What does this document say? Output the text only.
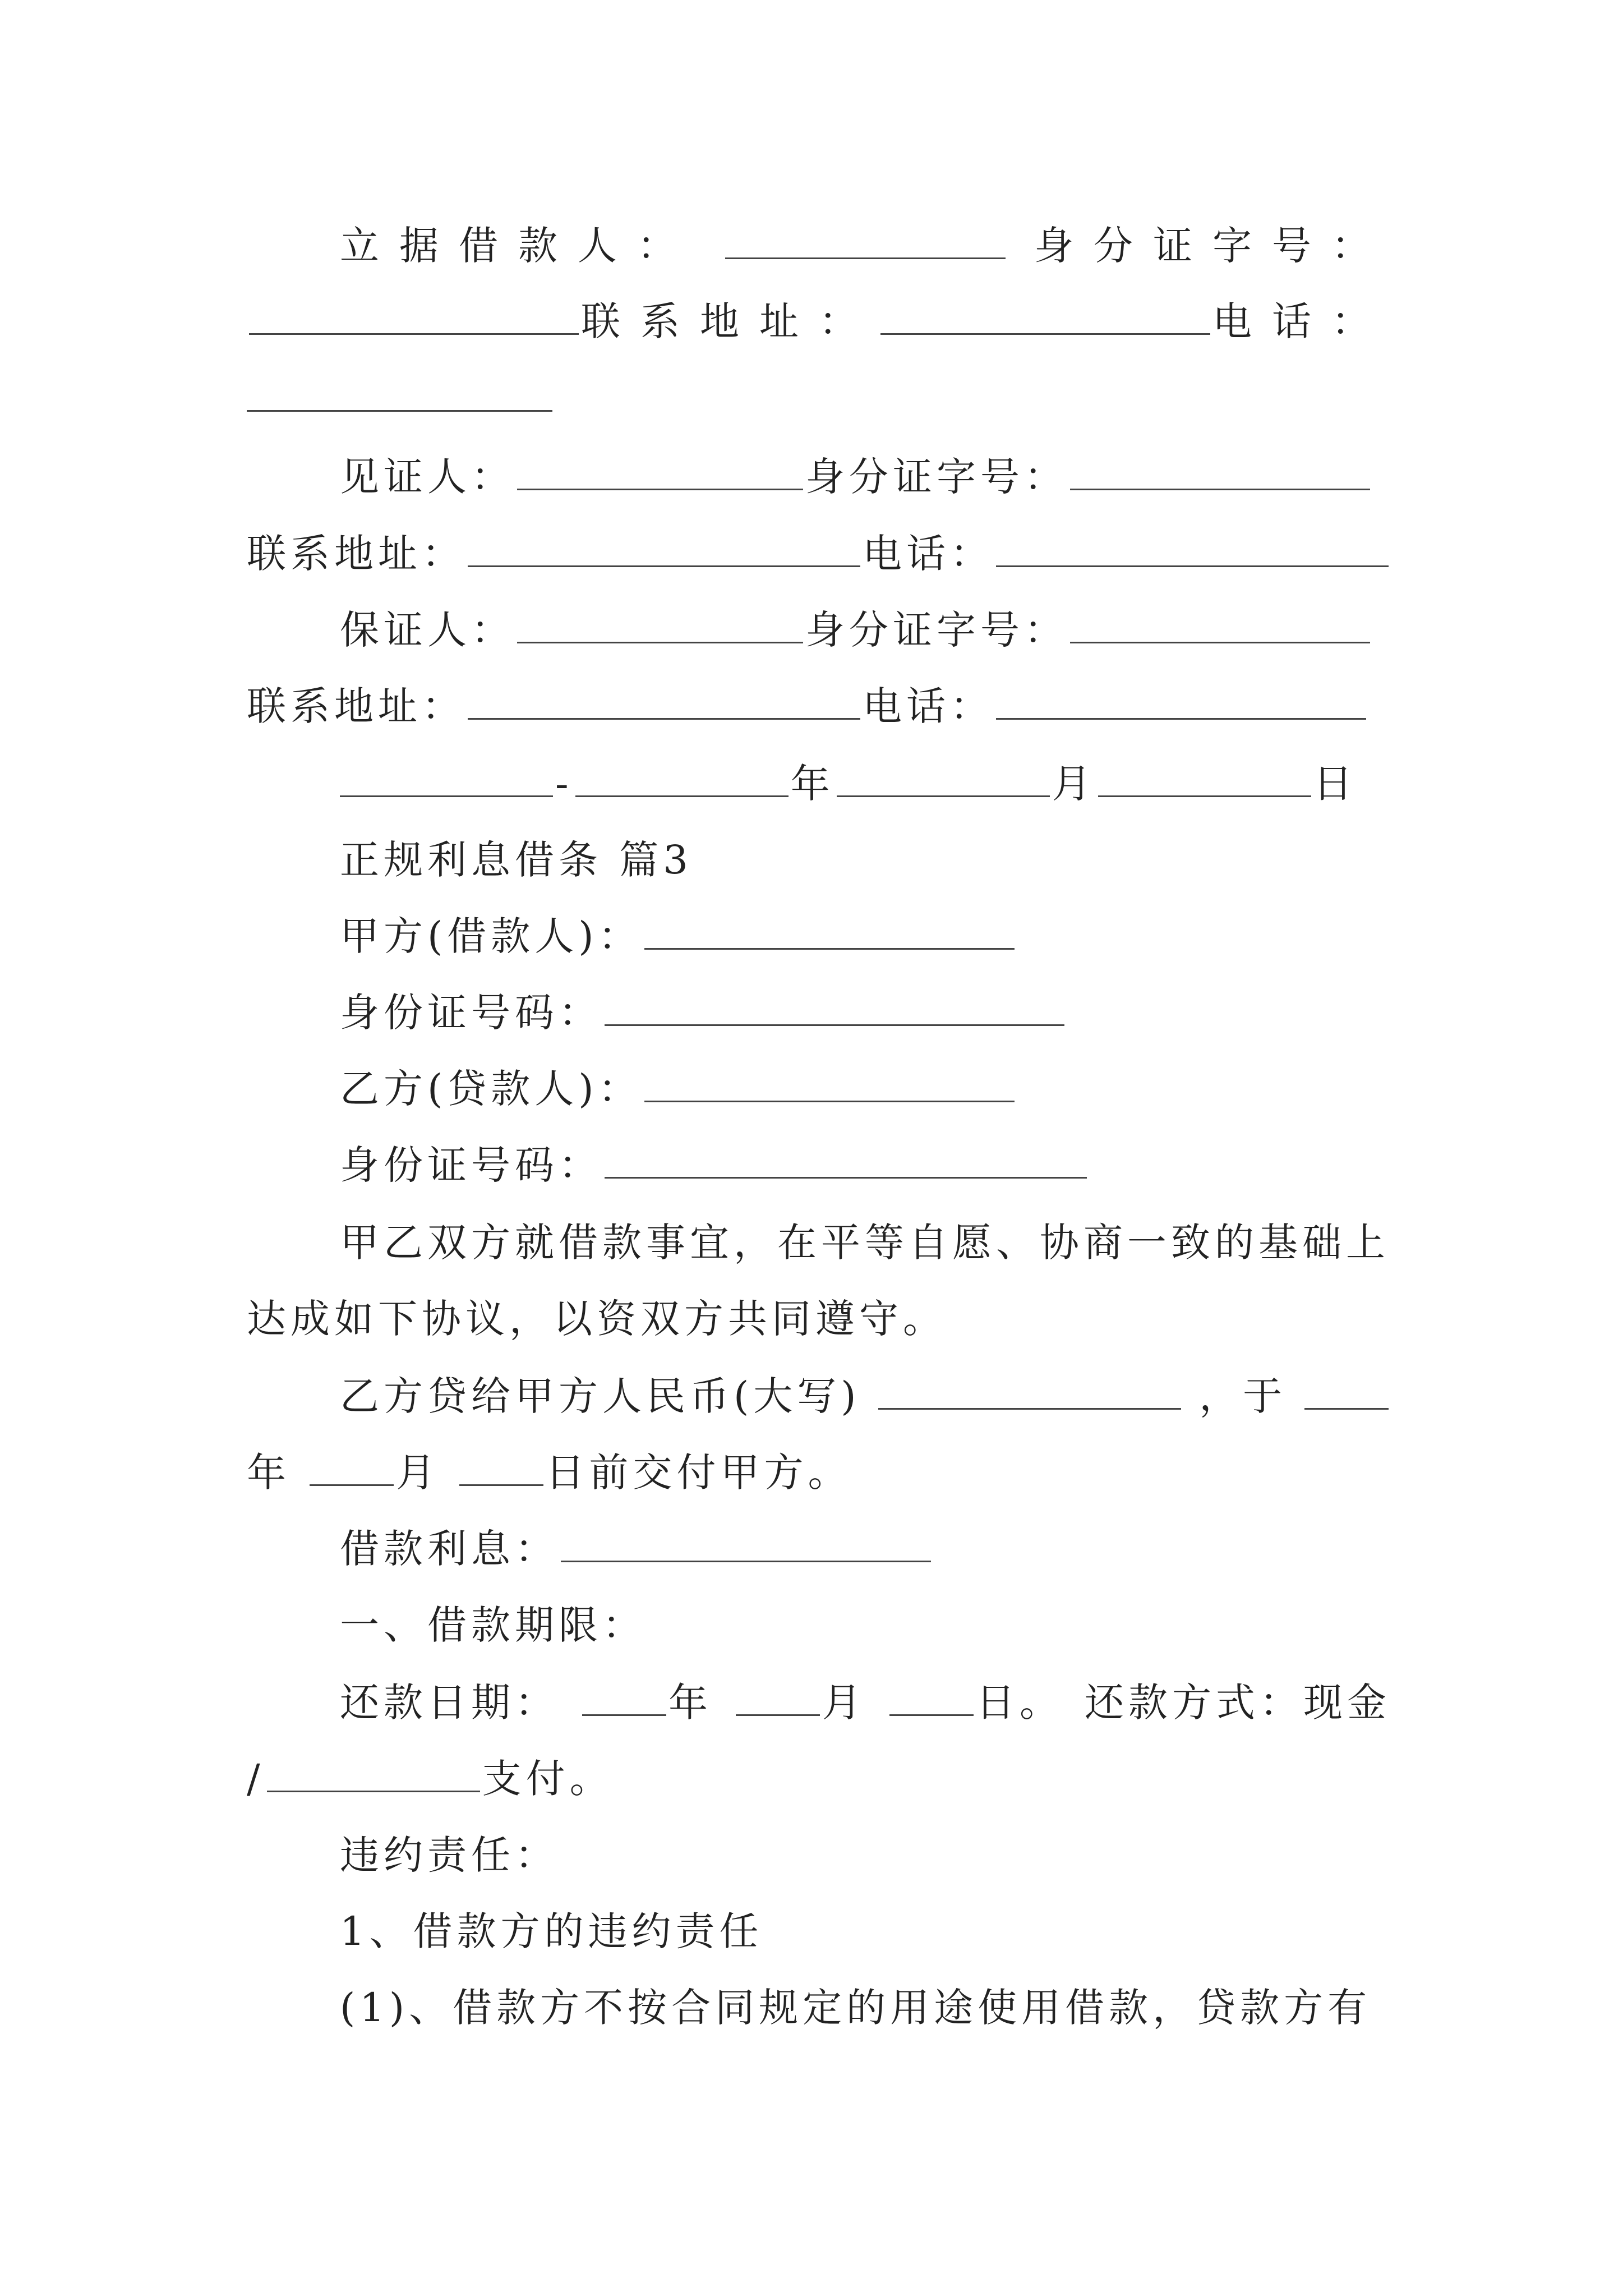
立据借款人：	身分证字号：
联系地址：	电话：
见证人：	身分证字号：
联系地址：	电话：
保证人：	身分证字号：
联系地址：	电话：
-	年	月	日
正规利息借条 篇3
甲方(借款人)：
身份证号码：
乙方(贷款人)：
身份证号码：
甲乙双方就借款事宜，在平等自愿、协商一致的基础上
达成如下协议，以资双方共同遵守。
乙方贷给甲方人民币(大写)	，于
年	月	日前交付甲方。
借款利息：
一、借款期限：
还款日期：	年	月	日。 还款方式：现金
/	支付。
违约责任：
1、借款方的违约责任
(1)、借款方不按合同规定的用途使用借款，贷款方有
